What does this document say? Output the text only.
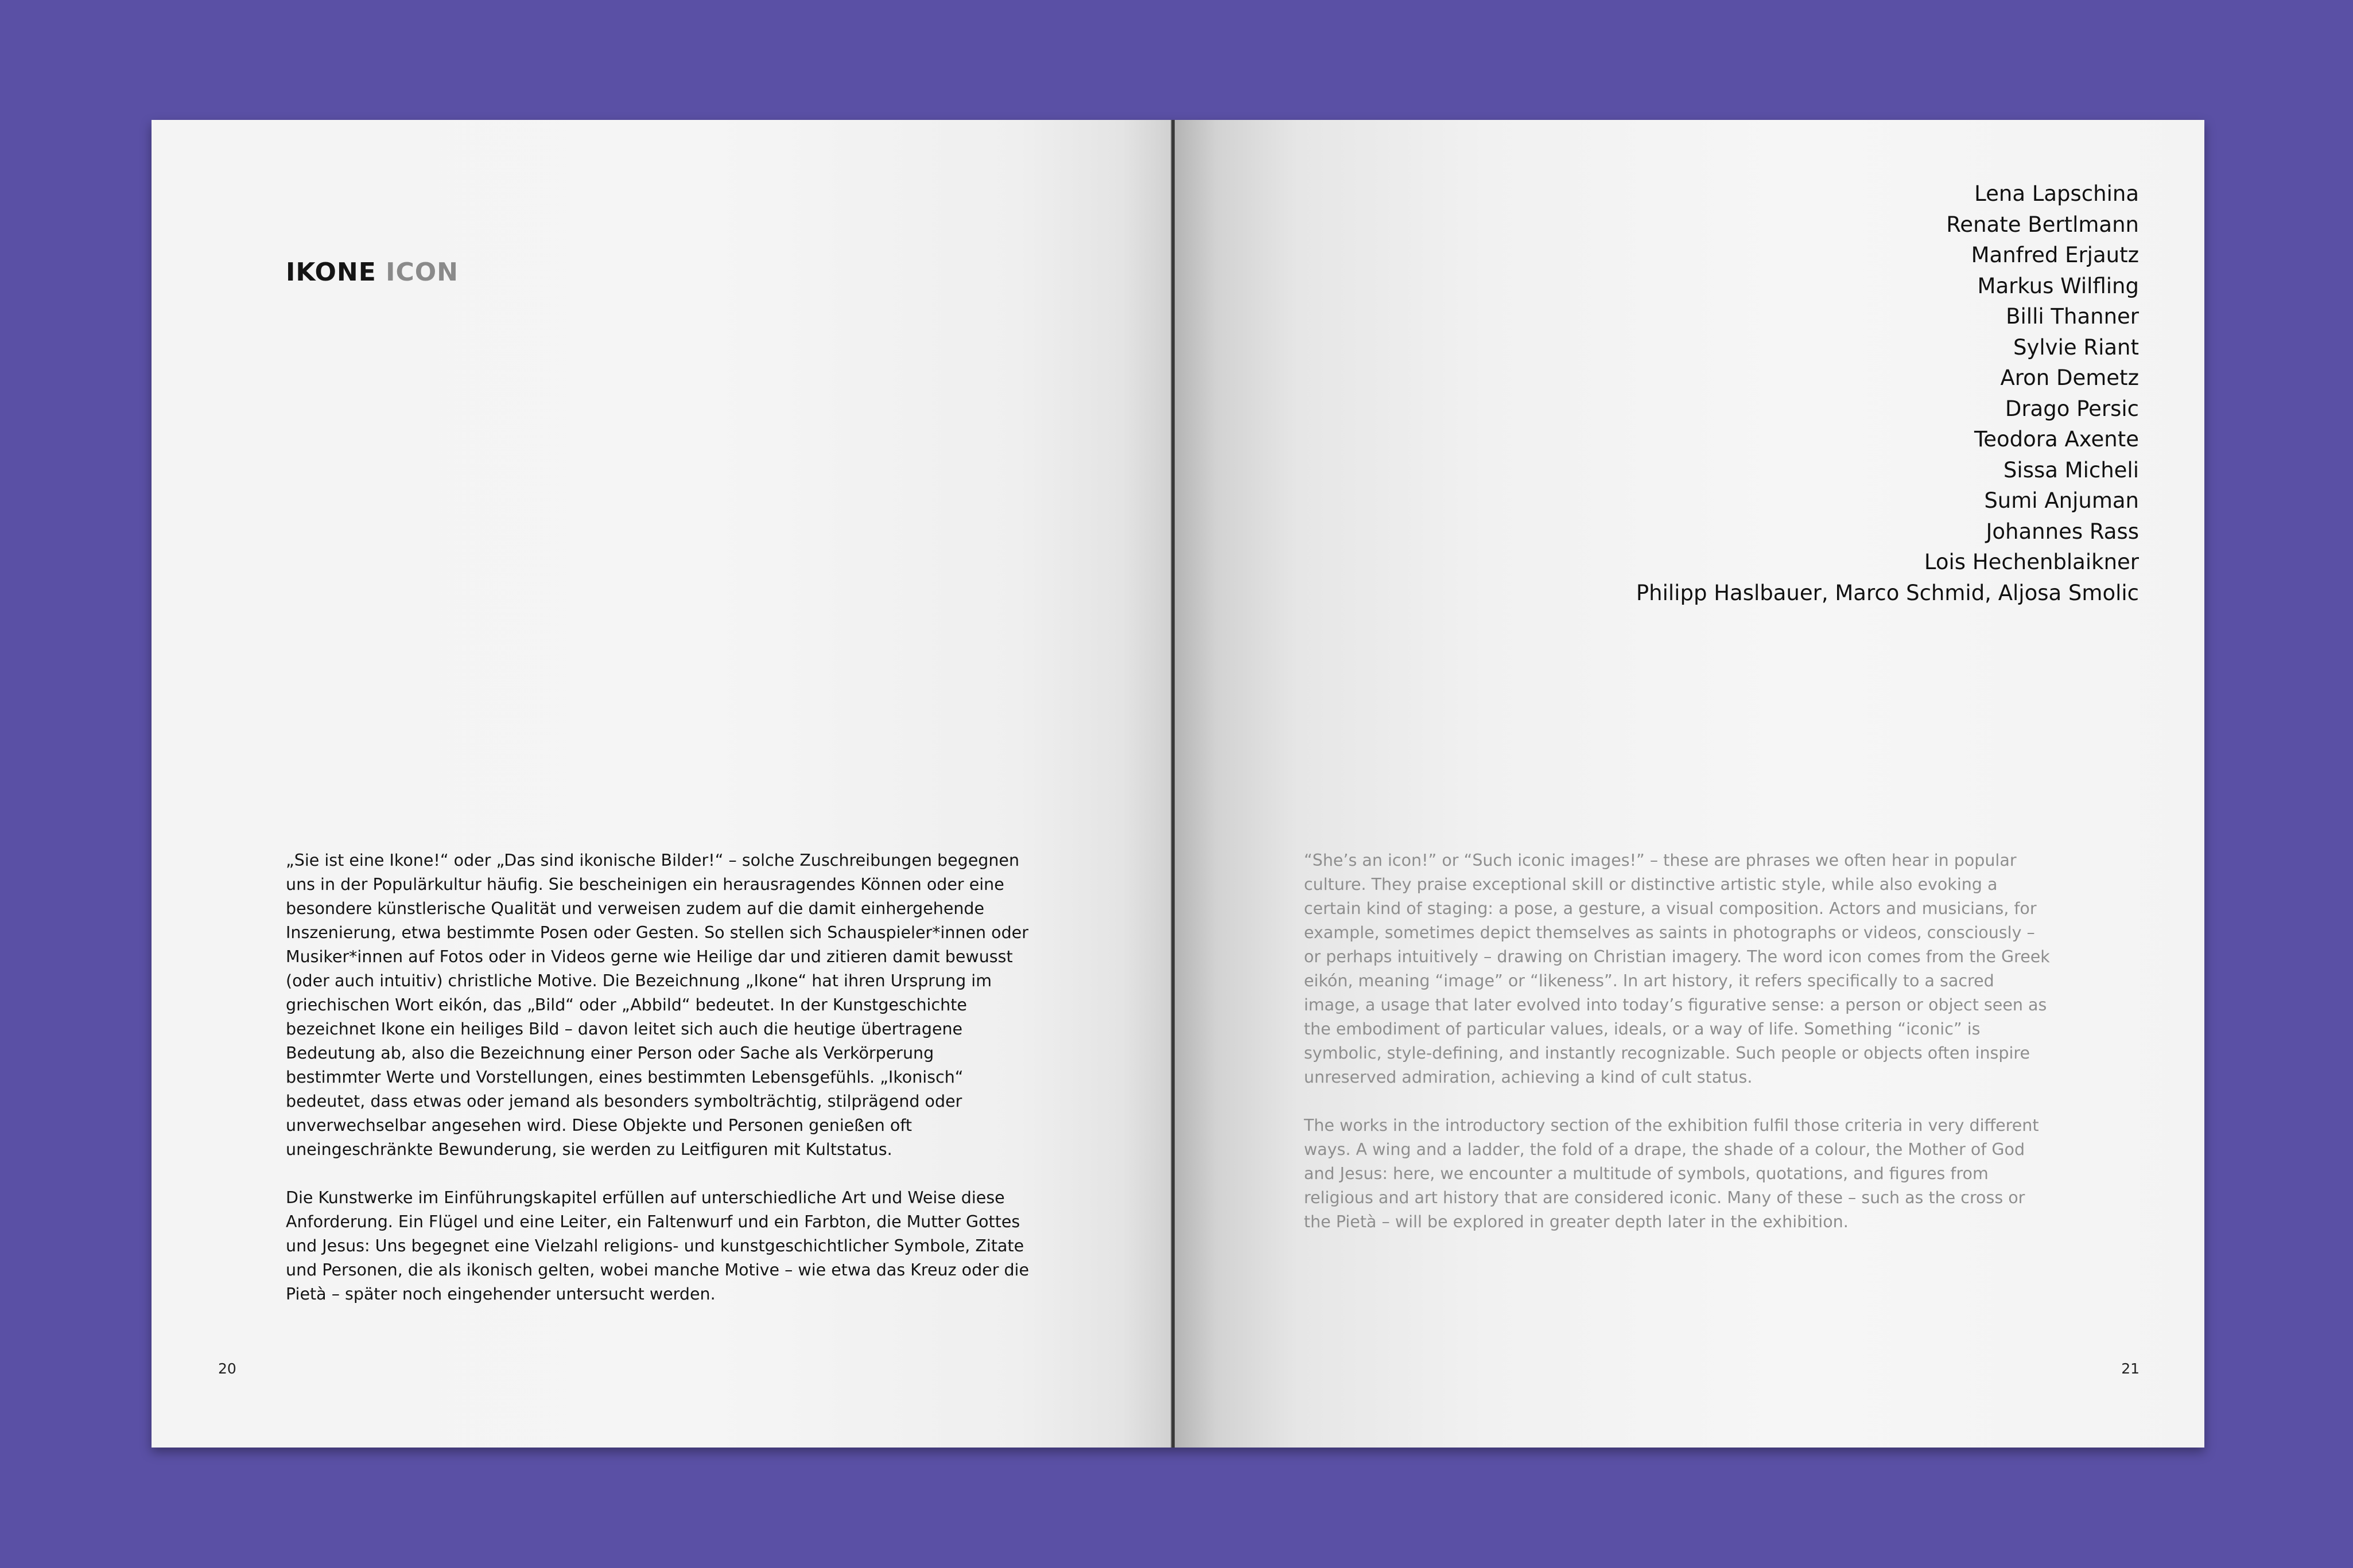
IKONE ICON

„Sie ist eine Ikone!“ oder „Das sind ikonische Bilder!“ – solche Zuschreibungen begegnen uns in der Populärkultur häufig. Sie bescheinigen ein herausragendes Können oder eine besondere künstlerische Qualität und verweisen zudem auf die damit einhergehende Inszenierung, etwa bestimmte Posen oder Gesten. So stellen sich Schauspieler*innen oder Musiker*innen auf Fotos oder in Videos gerne wie Heilige dar und zitieren damit bewusst (oder auch intuitiv) christliche Motive. Die Bezeichnung „Ikone“ hat ihren Ursprung im griechischen Wort eikón, das „Bild“ oder „Abbild“ bedeutet. In der Kunstgeschichte bezeichnet Ikone ein heiliges Bild – davon leitet sich auch die heutige übertragene Bedeutung ab, also die Bezeichnung einer Person oder Sache als Verkörperung bestimmter Werte und Vorstellungen, eines bestimmten Lebensgefühls. „Ikonisch“ bedeutet, dass etwas oder jemand als besonders symbolträchtig, stilprägend oder unverwechselbar angesehen wird. Diese Objekte und Personen genießen oft uneingeschränkte Bewunderung, sie werden zu Leitfiguren mit Kultstatus.

Die Kunstwerke im Einführungskapitel erfüllen auf unterschiedliche Art und Weise diese Anforderung. Ein Flügel und eine Leiter, ein Faltenwurf und ein Farbton, die Mutter Gottes und Jesus: Uns begegnet eine Vielzahl religions- und kunstgeschichtlicher Symbole, Zitate und Personen, die als ikonisch gelten, wobei manche Motive – wie etwa das Kreuz oder die Pietà – später noch eingehender untersucht werden.

20
Lena Lapschina
Renate Bertlmann
Manfred Erjautz
Markus Wilfling
Billi Thanner
Sylvie Riant
Aron Demetz
Drago Persic
Teodora Axente
Sissa Micheli
Sumi Anjuman
Johannes Rass
Lois Hechenblaikner
Philipp Haslbauer, Marco Schmid, Aljosa Smolic

“She’s an icon!” or “Such iconic images!” – these are phrases we often hear in popular culture. They praise exceptional skill or distinctive artistic style, while also evoking a certain kind of staging: a pose, a gesture, a visual composition. Actors and musicians, for example, sometimes depict themselves as saints in photographs or videos, consciously – or perhaps intuitively – drawing on Christian imagery. The word icon comes from the Greek eikón, meaning “image” or “likeness”. In art history, it refers specifically to a sacred image, a usage that later evolved into today’s figurative sense: a person or object seen as the embodiment of particular values, ideals, or a way of life. Something “iconic” is symbolic, style-defining, and instantly recognizable. Such people or objects often inspire unreserved admiration, achieving a kind of cult status.

The works in the introductory section of the exhibition fulfil those criteria in very different ways. A wing and a ladder, the fold of a drape, the shade of a colour, the Mother of God and Jesus: here, we encounter a multitude of symbols, quotations, and figures from religious and art history that are considered iconic. Many of these – such as the cross or the Pietà – will be explored in greater depth later in the exhibition.

21
